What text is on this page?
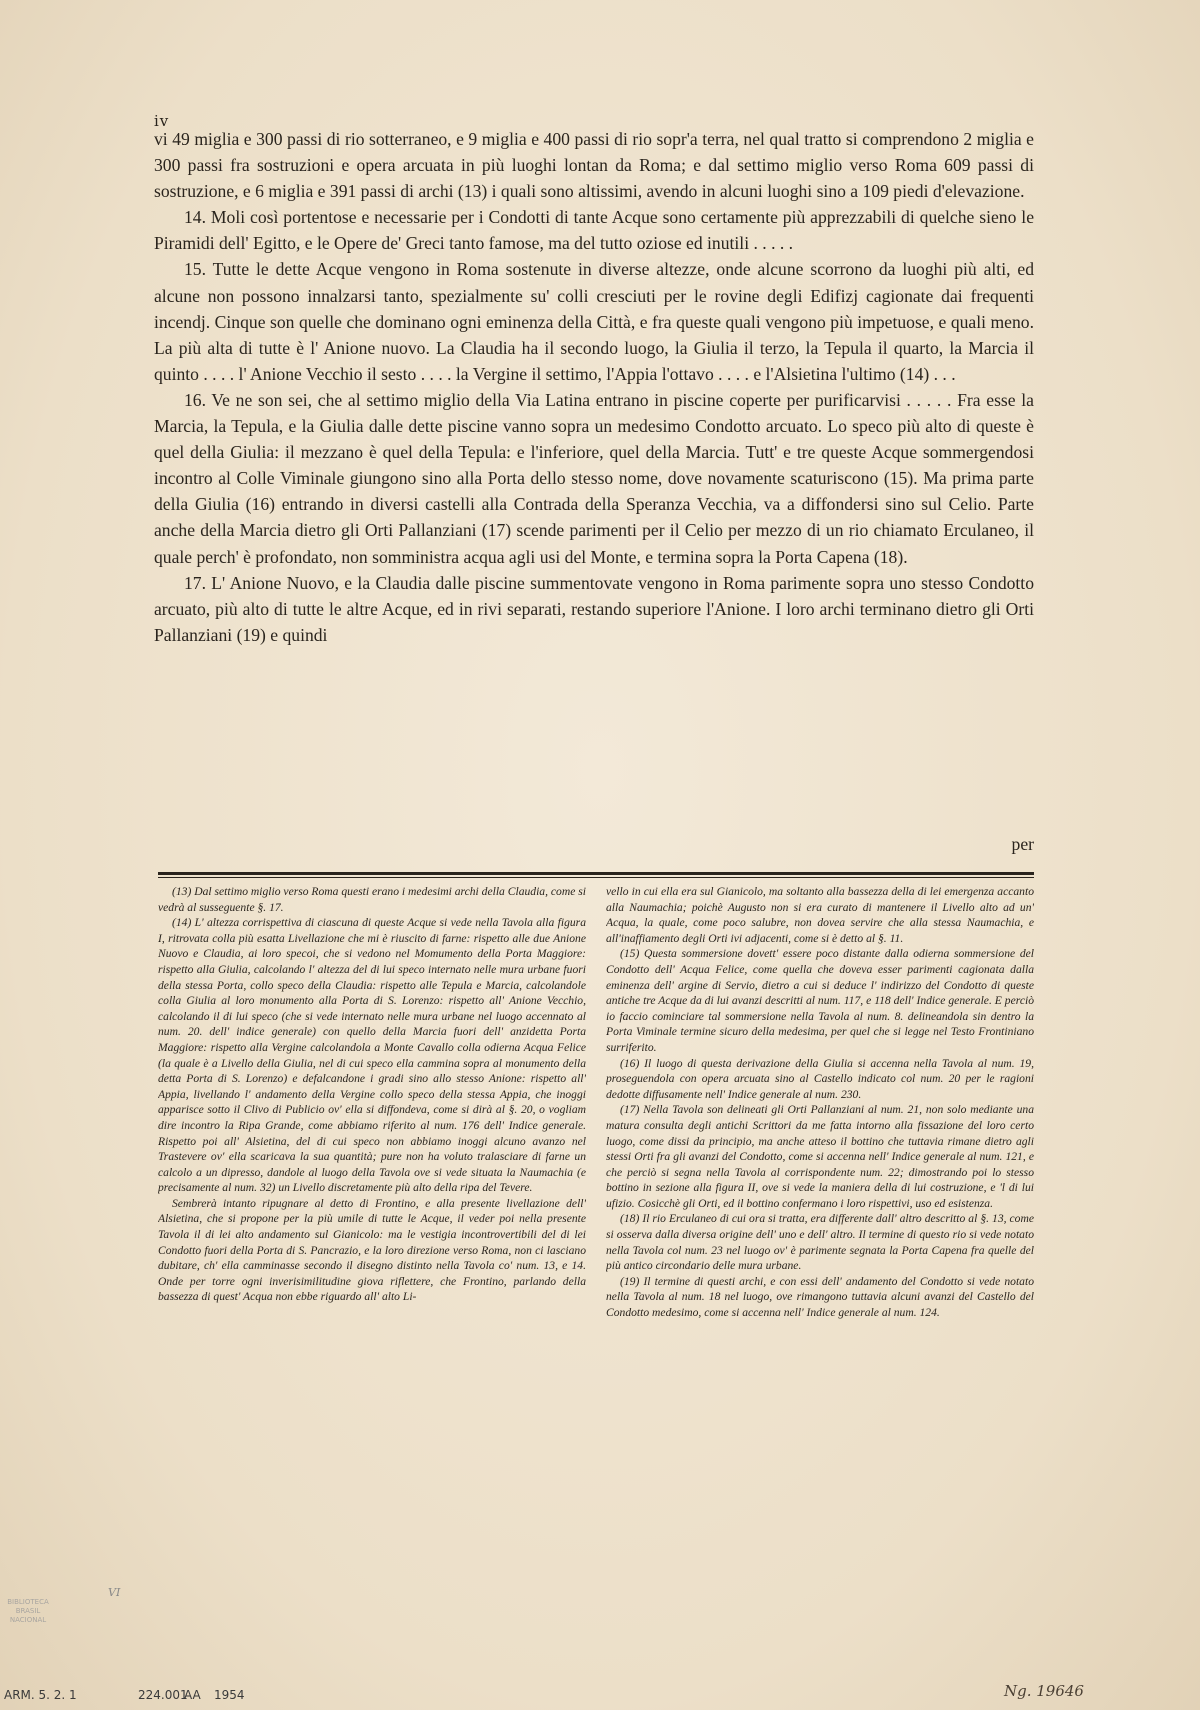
iv

vi 49 miglia e 300 passi di rio sotterraneo, e 9 miglia e 400 passi di rio sopr'a terra, nel qual tratto si comprendono 2 miglia e 300 passi fra sostruzioni e opera arcuata in più luoghi lontan da Roma; e dal settimo miglio verso Roma 609 passi di sostruzione, e 6 miglia e 391 passi di archi (13) i quali sono altissimi, avendo in alcuni luoghi sino a 109 piedi d'elevazione.

14. Moli così portentose e necessarie per i Condotti di tante Acque sono certamente più apprezzabili di quelche sieno le Piramidi dell' Egitto, e le Opere de' Greci tanto famose, ma del tutto oziose ed inutili . . . . .

15. Tutte le dette Acque vengono in Roma sostenute in diverse altezze, onde alcune scorrono da luoghi più alti, ed alcune non possono innalzarsi tanto, spezialmente su' colli cresciuti per le rovine degli Edifizj cagionate dai frequenti incendj. Cinque son quelle che dominano ogni eminenza della Città, e fra queste quali vengono più impetuose, e quali meno. La più alta di tutte è l' Anione nuovo. La Claudia ha il secondo luogo, la Giulia il terzo, la Tepula il quarto, la Marcia il quinto . . . . l' Anione Vecchio il sesto . . . . la Vergine il settimo, l'Appia l'ottavo . . . . e l'Alsietina l'ultimo (14) . . .

16. Ve ne son sei, che al settimo miglio della Via Latina entrano in piscine coperte per purificarvisi . . . . . Fra esse la Marcia, la Tepula, e la Giulia dalle dette piscine vanno sopra un medesimo Condotto arcuato. Lo speco più alto di queste è quel della Giulia: il mezzano è quel della Tepula: e l'inferiore, quel della Marcia. Tutt' e tre queste Acque sommergendosi incontro al Colle Viminale giungono sino alla Porta dello stesso nome, dove novamente scaturiscono (15). Ma prima parte della Giulia (16) entrando in diversi castelli alla Contrada della Speranza Vecchia, va a diffondersi sino sul Celio. Parte anche della Marcia dietro gli Orti Pallanziani (17) scende parimenti per il Celio per mezzo di un rio chiamato Erculaneo, il quale perch' è profondato, non somministra acqua agli usi del Monte, e termina sopra la Porta Capena (18).

17. L' Anione Nuovo, e la Claudia dalle piscine summentovate vengono in Roma parimente sopra uno stesso Condotto arcuato, più alto di tutte le altre Acque, ed in rivi separati, restando superiore l'Anione. I loro archi terminano dietro gli Orti Pallanziani (19) e quindi

per

(13) Dal settimo miglio verso Roma questi erano i medesimi archi della Claudia, come si vedrà al susseguente §. 17.

(14) L' altezza corrispettiva di ciascuna di queste Acque si vede nella Tavola alla figura I, ritrovata colla più esatta Livellazione che mi è riuscito di farne: rispetto alle due Anione Nuovo e Claudia, ai loro specoi, che si vedono nel Momumento della Porta Maggiore: rispetto alla Giulia, calcolando l' altezza del di lui speco internato nelle mura urbane fuori della stessa Porta, collo speco della Claudia: rispetto alle Tepula e Marcia, calcolandole colla Giulia al loro monumento alla Porta di S. Lorenzo: rispetto all' Anione Vecchio, calcolando il di lui speco (che si vede internato nelle mura urbane nel luogo accennato al num. 20. dell' indice generale) con quello della Marcia fuori dell' anzidetta Porta Maggiore: rispetto alla Vergine calcolandola a Monte Cavallo colla odierna Acqua Felice (la quale è a Livello della Giulia, nel di cui speco ella cammina sopra al monumento della detta Porta di S. Lorenzo) e defalcandone i gradi sino allo stesso Anione: rispetto all' Appia, livellando l' andamento della Vergine collo speco della stessa Appia, che inoggi apparisce sotto il Clivo di Publicio ov' ella si diffondeva, come si dirà al §. 20, o vogliam dire incontro la Ripa Grande, come abbiamo riferito al num. 176 dell' Indice generale. Rispetto poi all' Alsietina, del di cui speco non abbiamo inoggi alcuno avanzo nel Trastevere ov' ella scaricava la sua quantità; pure non ha voluto tralasciare di farne un calcolo a un dipresso, dandole al luogo della Tavola ove si vede situata la Naumachia (e precisamente al num. 32) un Livello discretamente più alto della ripa del Tevere.

Sembrerà intanto ripugnare al detto di Frontino, e alla presente livellazione dell' Alsietina, che si propone per la più umile di tutte le Acque, il veder poi nella presente Tavola il di lei alto andamento sul Gianicolo: ma le vestigia incontrovertibili del di lei Condotto fuori della Porta di S. Pancrazio, e la loro direzione verso Roma, non ci lasciano dubitare, ch' ella camminasse secondo il disegno distinto nella Tavola co' num. 13, e 14. Onde per torre ogni inverisimilitudine giova riflettere, che Frontino, parlando della bassezza di quest' Acqua non ebbe riguardo all' alto Li-

vello in cui ella era sul Gianicolo, ma soltanto alla bassezza della di lei emergenza accanto alla Naumachia; poichè Augusto non si era curato di mantenere il Livello alto ad un' Acqua, la quale, come poco salubre, non dovea servire che alla stessa Naumachia, e all'inaffiamento degli Orti ivi adjacenti, come si è detto al §. 11.

(15) Questa sommersione dovett' essere poco distante dalla odierna sommersione del Condotto dell' Acqua Felice, come quella che doveva esser parimenti cagionata dalla eminenza dell' argine di Servio, dietro a cui si deduce l' indirizzo del Condotto di queste antiche tre Acque da di lui avanzi descritti al num. 117, e 118 dell' Indice generale. E perciò io faccio cominciare tal sommersione nella Tavola al num. 8. delineandola sin dentro la Porta Viminale termine sicuro della medesima, per quel che si legge nel Testo Frontiniano surriferito.

(16) Il luogo di questa derivazione della Giulia si accenna nella Tavola al num. 19, proseguendola con opera arcuata sino al Castello indicato col num. 20 per le ragioni dedotte diffusamente nell' Indice generale al num. 230.

(17) Nella Tavola son delineati gli Orti Pallanziani al num. 21, non solo mediante una matura consulta degli antichi Scrittori da me fatta intorno alla fissazione del loro certo luogo, come dissi da principio, ma anche atteso il bottino che tuttavia rimane dietro agli stessi Orti fra gli avanzi del Condotto, come si accenna nell' Indice generale al num. 121, e che perciò si segna nella Tavola al corrispondente num. 22; dimostrando poi lo stesso bottino in sezione alla figura II, ove si vede la maniera della di lui costruzione, e 'l di lui ufizio. Cosicchè gli Orti, ed il bottino confermano i loro rispettivi, uso ed esistenza.

(18) Il rio Erculaneo di cui ora si tratta, era differente dall' altro descritto al §. 13, come si osserva dalla diversa origine dell' uno e dell' altro. Il termine di questo rio si vede notato nella Tavola col num. 23 nel luogo ov' è parimente segnata la Porta Capena fra quelle del più antico circondario delle mura urbane.

(19) Il termine di questi archi, e con essi dell' andamento del Condotto si vede notato nella Tavola al num. 18 nel luogo, ove rimangono tuttavia alcuni avanzi del Castello del Condotto medesimo, come si accenna nell' Indice generale al num. 124.

BIBLIOTECA BRASIL NACIONAL
VI
ARM. 5. 2. 1	224.001
AA 1954	Ng. 19646
